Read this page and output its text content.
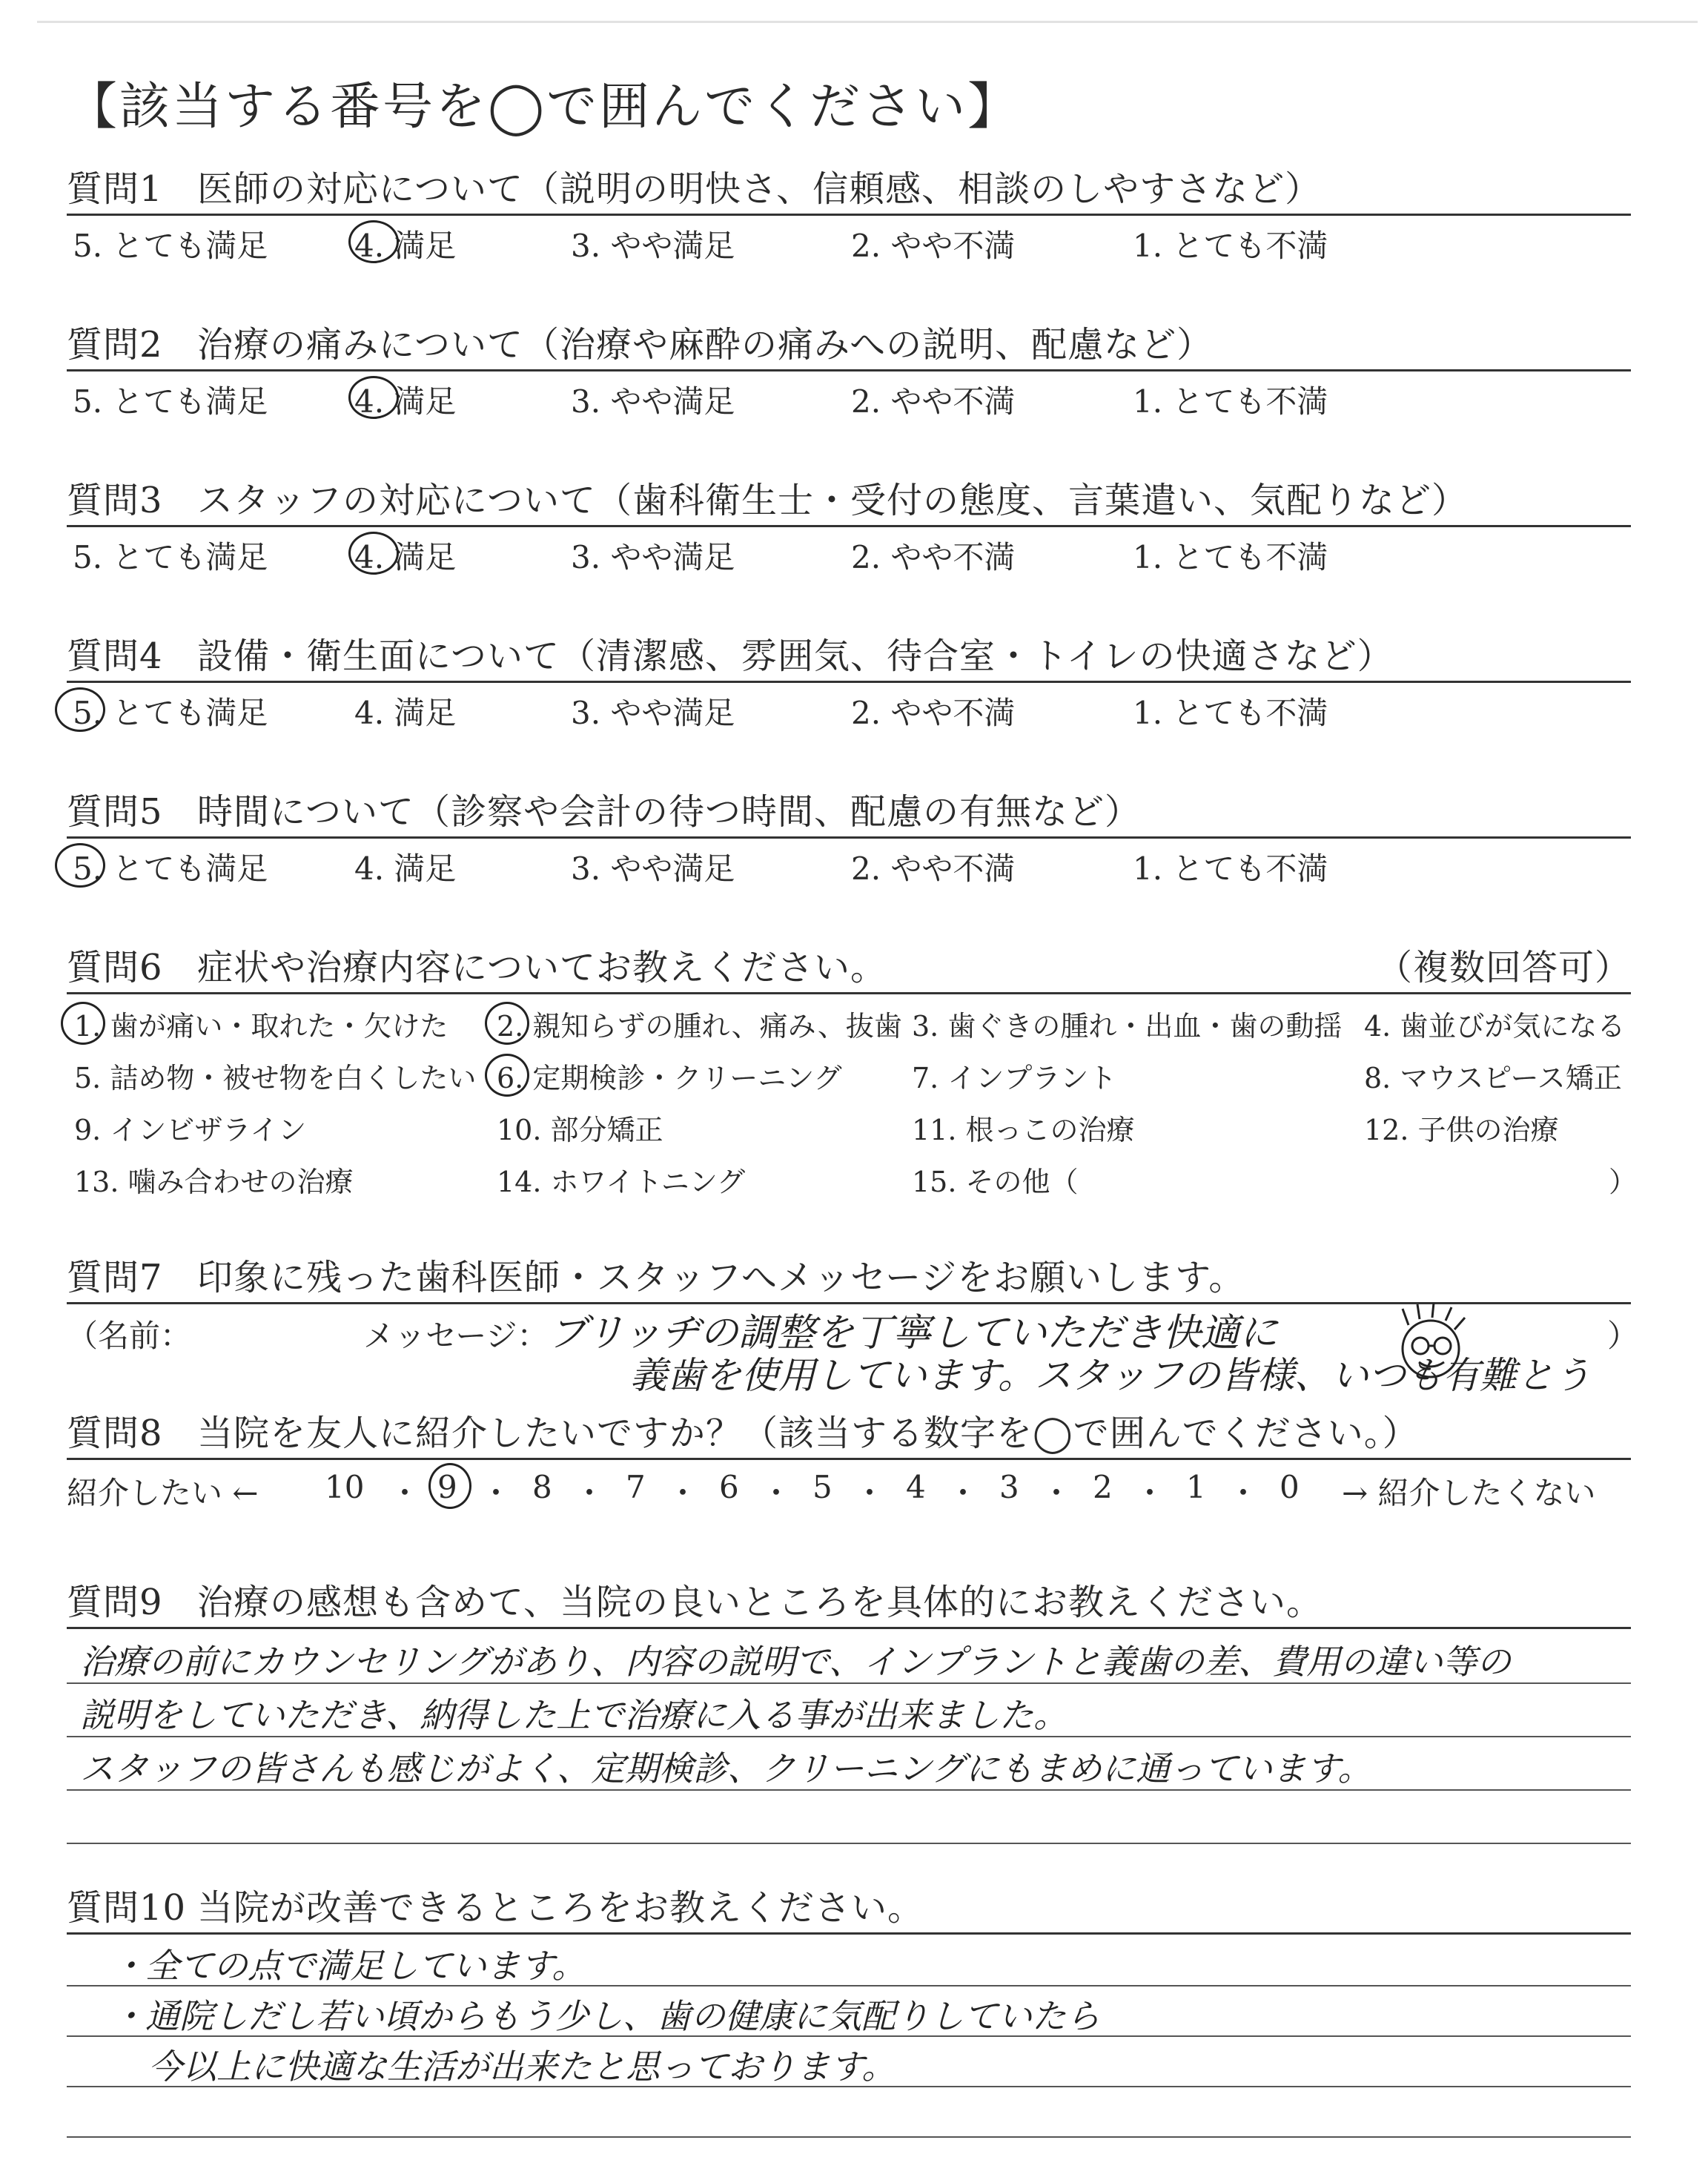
【該当する番号を◯で囲んでください】
質問1 医師の対応について（説明の明快さ、信頼感、相談のしやすさなど）
5. とても満足	4. 満足	3. やや満足	2. やや不満	1. とても不満
質問2 治療の痛みについて（治療や麻酔の痛みへの説明、配慮など）
5. とても満足	4. 満足	3. やや満足	2. やや不満	1. とても不満
質問3 スタッフの対応について（歯科衛生士・受付の態度、言葉遣い、気配りなど）
5. とても満足	4. 満足	3. やや満足	2. やや不満	1. とても不満
質問4 設備・衛生面について（清潔感、雰囲気、待合室・トイレの快適さなど）
5. とても満足	4. 満足	3. やや満足	2. やや不満	1. とても不満
質問5 時間について（診察や会計の待つ時間、配慮の有無など）
5. とても満足	4. 満足	3. やや満足	2. やや不満	1. とても不満
質問6 症状や治療内容についてお教えください。	（複数回答可）
1. 歯が痛い・取れた・欠けた 2. 親知らずの腫れ、痛み、抜歯 3. 歯ぐきの腫れ・出血・歯の動揺 4. 歯並びが気になる
5. 詰め物・被せ物を白くしたい 6. 定期検診・クリーニング 7. インプラント	8. マウスピース矯正
9. インビザライン	10. 部分矯正	11. 根っこの治療	12. 子供の治療
13. 噛み合わせの治療	14. ホワイトニング	15. その他（	）
質問7 印象に残った歯科医師・スタッフへメッセージをお願いします。
（名前：	メッセージ：	）
ブリッヂの調整を丁寧していただき快適に
義歯を使用しています。スタッフの皆様、いつも有難とう
質問8 当院を友人に紹介したいですか？（該当する数字を◯で囲んでください。）
紹介したい ← 10 9 8 7 6 5 4 3 2 1 0 → 紹介したくない
・ ・ ・ ・ ・ ・ ・ ・ ・ ・
質問9 治療の感想も含めて、当院の良いところを具体的にお教えください。
治療の前にカウンセリングがあり、内容の説明で、インプラントと義歯の差、費用の違い等の
説明をしていただき、納得した上で治療に入る事が出来ました。
スタッフの皆さんも感じがよく、定期検診、クリーニングにもまめに通っています。
質問10 当院が改善できるところをお教えください。
・全ての点で満足しています。
・通院しだし若い頃からもう少し、歯の健康に気配りしていたら
今以上に快適な生活が出来たと思っております。
